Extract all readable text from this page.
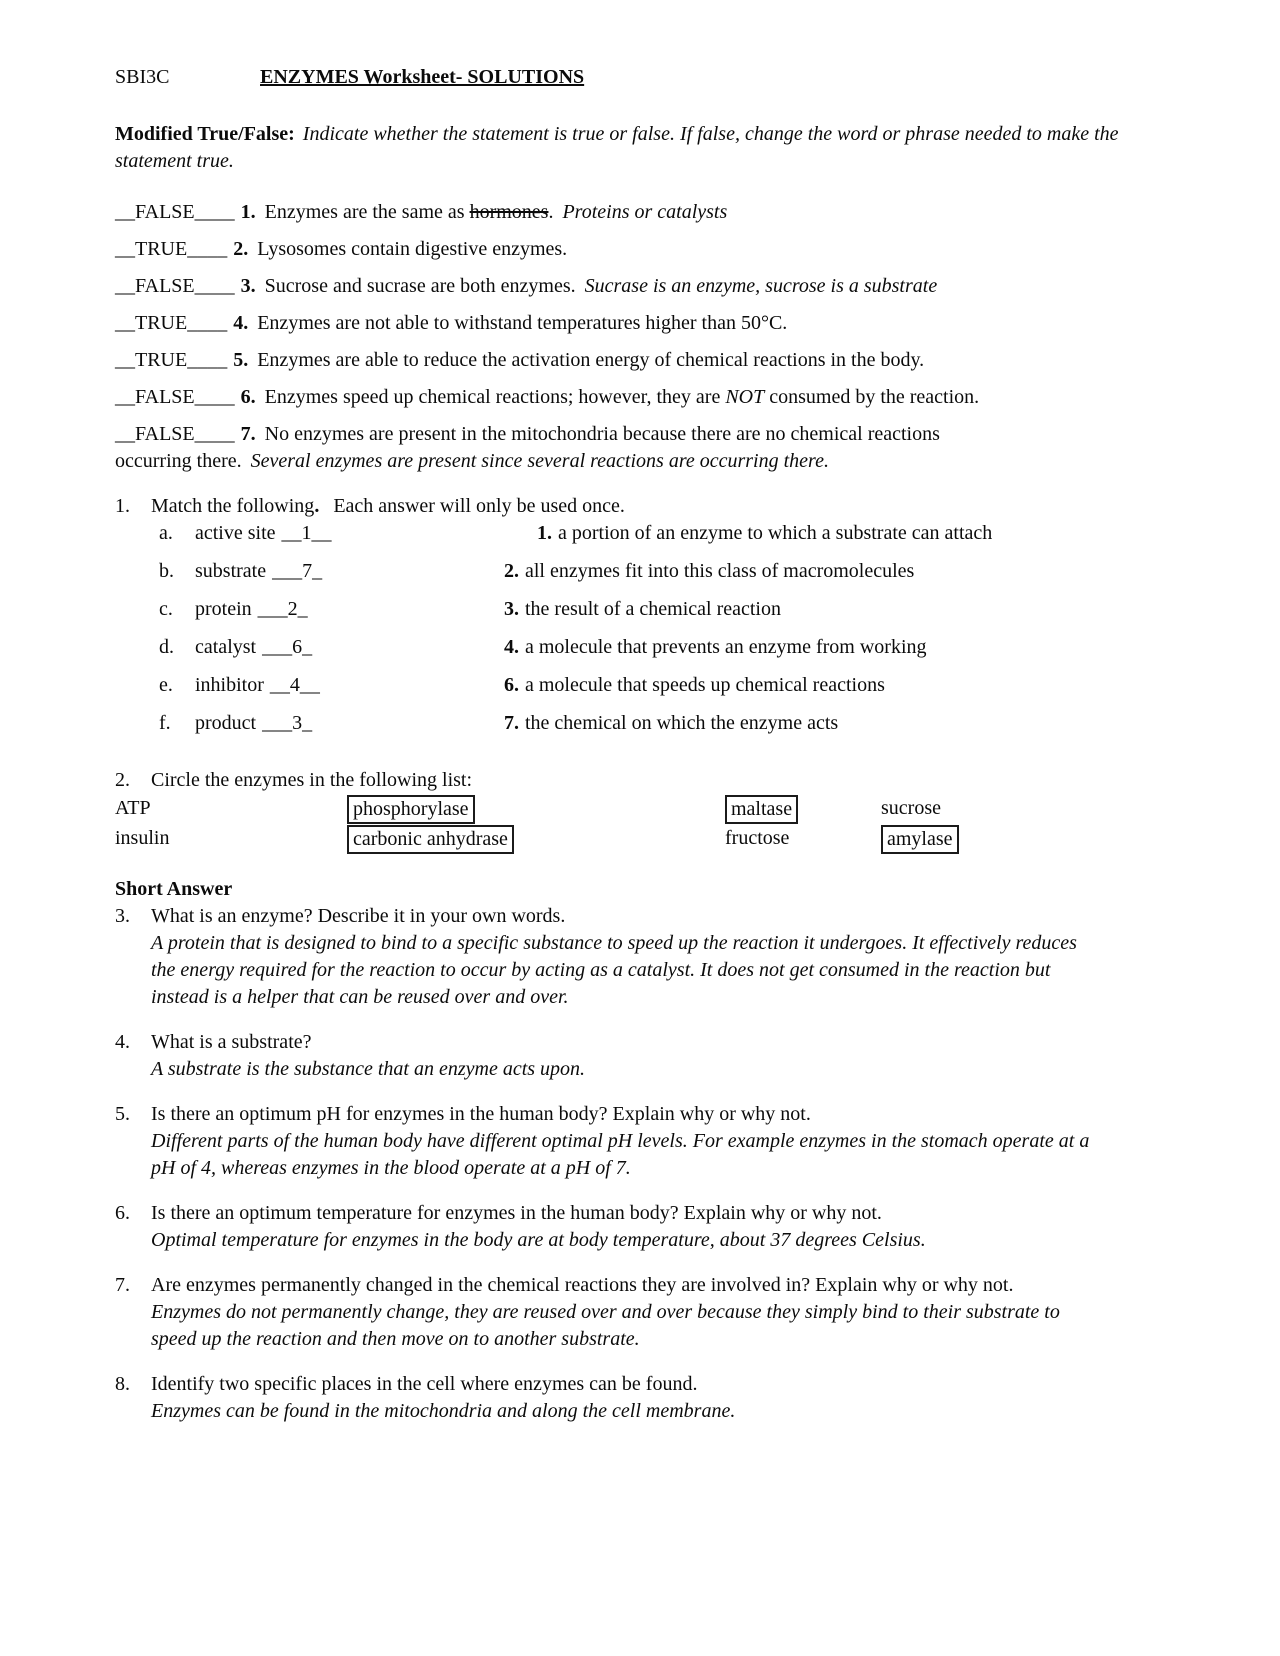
SBI3C	ENZYMES Worksheet- SOLUTIONS

Modified True/False: Indicate whether the statement is true or false. If false, change the word or phrase needed to make the statement true.

__FALSE____ 1. Enzymes are the same as hormones. Proteins or catalysts

__TRUE____ 2. Lysosomes contain digestive enzymes.

__FALSE____ 3. Sucrose and sucrase are both enzymes. Sucrase is an enzyme, sucrose is a substrate

__TRUE____ 4. Enzymes are not able to withstand temperatures higher than 50°C.

__TRUE____ 5. Enzymes are able to reduce the activation energy of chemical reactions in the body.

__FALSE____ 6. Enzymes speed up chemical reactions; however, they are NOT consumed by the reaction.

__FALSE____ 7. No enzymes are present in the mitochondria because there are no chemical reactions
occurring there. Several enzymes are present since several reactions are occurring there.

1.	Match the following. Each answer will only be used once.
a.	active site __1__	1. a portion of an enzyme to which a substrate can attach
b.	substrate ___7_	2. all enzymes fit into this class of macromolecules
c.	protein ___2_	3. the result of a chemical reaction
d.	catalyst ___6_	4. a molecule that prevents an enzyme from working
e.	inhibitor __4__	6. a molecule that speeds up chemical reactions
f.	product ___3_	7. the chemical on which the enzyme acts
2.	Circle the enzymes in the following list:
ATP	phosphorylase	maltase	sucrose
insulin	carbonic anhydrase	fructose	amylase
Short Answer
3.	What is an enzyme? Describe it in your own words.
A protein that is designed to bind to a specific substance to speed up the reaction it undergoes. It effectively reduces the energy required for the reaction to occur by acting as a catalyst. It does not get consumed in the reaction but instead is a helper that can be reused over and over.
4.	What is a substrate?
A substrate is the substance that an enzyme acts upon.
5.	Is there an optimum pH for enzymes in the human body? Explain why or why not.
Different parts of the human body have different optimal pH levels. For example enzymes in the stomach operate at a pH of 4, whereas enzymes in the blood operate at a pH of 7.
6.	Is there an optimum temperature for enzymes in the human body? Explain why or why not.
Optimal temperature for enzymes in the body are at body temperature, about 37 degrees Celsius.
7.	Are enzymes permanently changed in the chemical reactions they are involved in? Explain why or why not.
Enzymes do not permanently change, they are reused over and over because they simply bind to their substrate to speed up the reaction and then move on to another substrate.
8.	Identify two specific places in the cell where enzymes can be found.
Enzymes can be found in the mitochondria and along the cell membrane.
